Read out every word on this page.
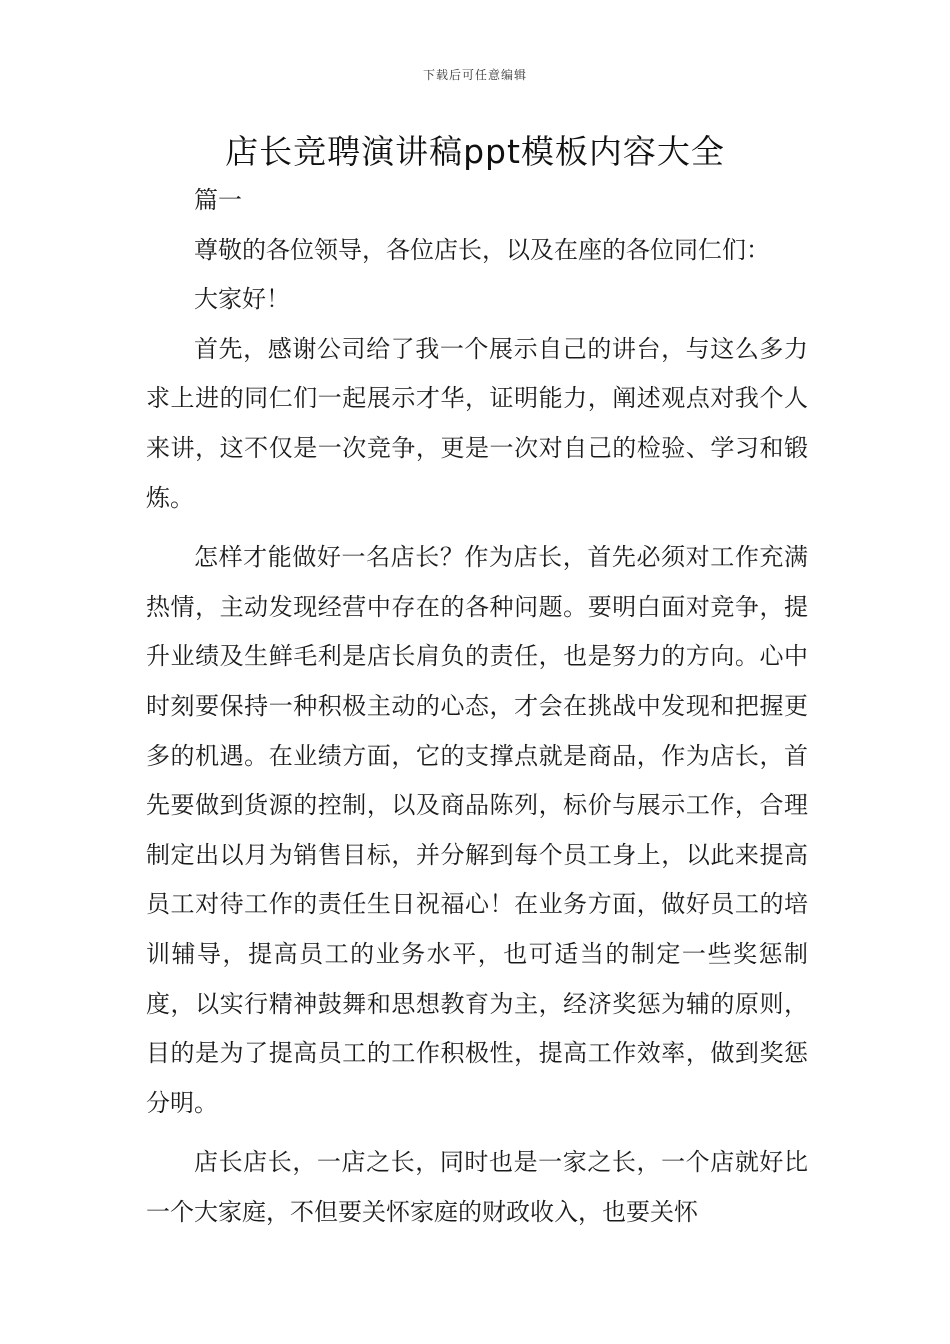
下载后可任意编辑
店长竞聘演讲稿ppt模板内容大全

篇一

尊敬的各位领导，各位店长，以及在座的各位同仁们：

大家好！

首先，感谢公司给了我一个展示自己的讲台，与这么多力求上进的同仁们一起展示才华，证明能力，阐述观点对我个人来讲，这不仅是一次竞争，更是一次对自己的检验、学习和锻炼。

怎样才能做好一名店长？作为店长，首先必须对工作充满热情，主动发现经营中存在的各种问题。要明白面对竞争，提升业绩及生鲜毛利是店长肩负的责任，也是努力的方向。心中时刻要保持一种积极主动的心态，才会在挑战中发现和把握更多的机遇。在业绩方面，它的支撑点就是商品，作为店长，首先要做到货源的控制，以及商品陈列，标价与展示工作，合理制定出以月为销售目标，并分解到每个员工身上，以此来提高员工对待工作的责任生日祝福心！在业务方面，做好员工的培训辅导，提高员工的业务水平，也可适当的制定一些奖惩制度，以实行精神鼓舞和思想教育为主，经济奖惩为辅的原则，目的是为了提高员工的工作积极性，提高工作效率，做到奖惩分明。

店长店长，一店之长，同时也是一家之长，一个店就好比一个大家庭，不但要关怀家庭的财政收入，也要关怀
